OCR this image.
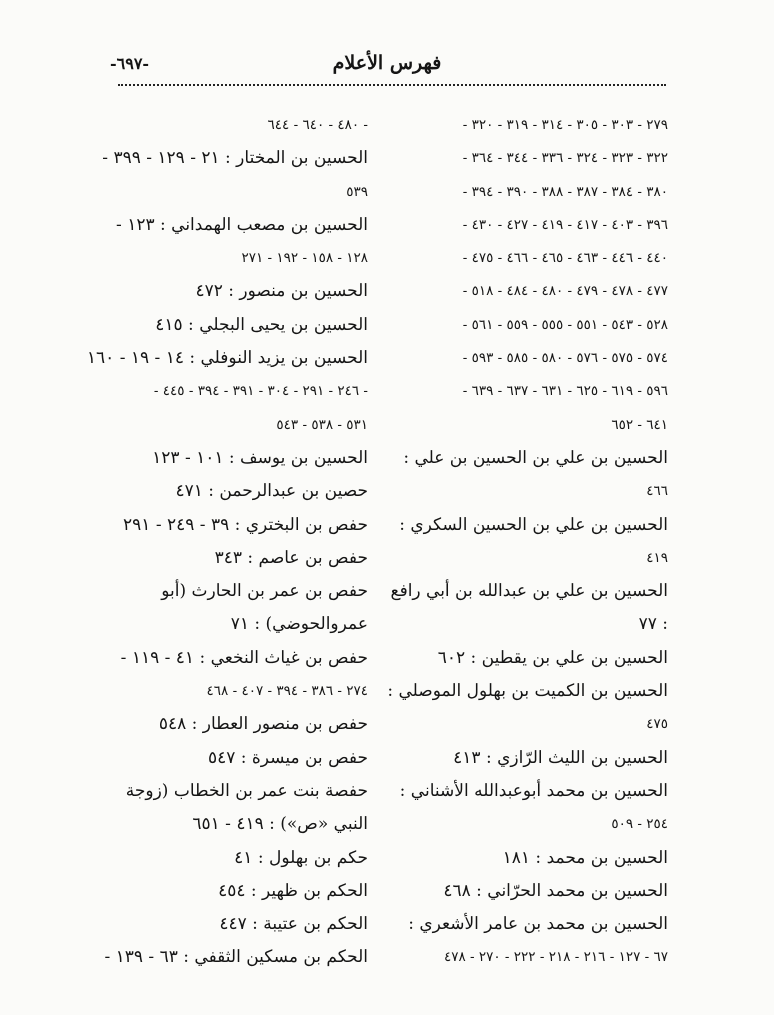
فهرس الأعلام
-٦٩٧-
٢٧٩ - ٣٠٣ - ٣٠٥ - ٣١٤ - ٣١٩ - ٣٢٠ -
٣٢٢ - ٣٢٣ - ٣٢٤ - ٣٣٦ - ٣٤٤ - ٣٦٤ -
٣٨٠ - ٣٨٤ - ٣٨٧ - ٣٨٨ - ٣٩٠ - ٣٩٤ -
٣٩٦ - ٤٠٣ - ٤١٧ - ٤١٩ - ٤٢٧ - ٤٣٠ -
٤٤٠ - ٤٤٦ - ٤٦٣ - ٤٦٥ - ٤٦٦ - ٤٧٥ -
٤٧٧ - ٤٧٨ - ٤٧٩ - ٤٨٠ - ٤٨٤ - ٥١٨ -
٥٢٨ - ٥٤٣ - ٥٥١ - ٥٥٥ - ٥٥٩ - ٥٦١ -
٥٧٤ - ٥٧٥ - ٥٧٦ - ٥٨٠ - ٥٨٥ - ٥٩٣ -
٥٩٦ - ٦١٩ - ٦٢٥ - ٦٣١ - ٦٣٧ - ٦٣٩ -
٦٤١ - ٦٥٢
الحسين بن علي بن الحسين بن علي :
٤٦٦
الحسين بن علي بن الحسين السكري :
٤١٩
الحسين بن علي بن عبدالله بن أبي رافع
: ٧٧
الحسين بن علي بن يقطين : ٦٠٢
الحسين بن الكميت بن بهلول الموصلي :
٤٧٥
الحسين بن الليث الرّازي : ٤١٣
الحسين بن محمد أبوعبدالله الأشناني :
٢٥٤ - ٥٠٩
الحسين بن محمد : ١٨١
الحسين بن محمد الحرّاني : ٤٦٨
الحسين بن محمد بن عامر الأشعري :
٦٧ - ١٢٧ - ٢١٦ - ٢١٨ - ٢٢٢ - ٢٧٠ - ٤٧٨
- ٤٨٠ - ٦٤٠ - ٦٤٤
الحسين بن المختار : ٢١ - ١٢٩ - ٣٩٩ -
٥٣٩
الحسين بن مصعب الهمداني : ١٢٣ -
١٢٨ - ١٥٨ - ١٩٢ - ٢٧١
الحسين بن منصور : ٤٧٢
الحسين بن يحيى البجلي : ٤١٥
الحسين بن يزيد النوفلي : ١٤ - ١٩ - ١٦٠
- ٢٤٦ - ٢٩١ - ٣٠٤ - ٣٩١ - ٣٩٤ - ٤٤٥ -
٥٣١ - ٥٣٨ - ٥٤٣
الحسين بن يوسف : ١٠١ - ١٢٣
حصين بن عبدالرحمن : ٤٧١
حفص بن البختري : ٣٩ - ٢٤٩ - ٢٩١
حفص بن عاصم : ٣٤٣
حفص بن عمر بن الحارث (أبو
عمروالحوضي) : ٧١
حفص بن غياث النخعي : ٤١ - ١١٩ -
٢٧٤ - ٣٨٦ - ٣٩٤ - ٤٠٧ - ٤٦٨
حفص بن منصور العطار : ٥٤٨
حفص بن ميسرة : ٥٤٧
حفصة بنت عمر بن الخطاب (زوجة
النبي «ص») : ٤١٩ - ٦٥١
حكم بن بهلول : ٤١
الحكم بن ظهير : ٤٥٤
الحكم بن عتيبة : ٤٤٧
الحكم بن مسكين الثقفي : ٦٣ - ١٣٩ -
